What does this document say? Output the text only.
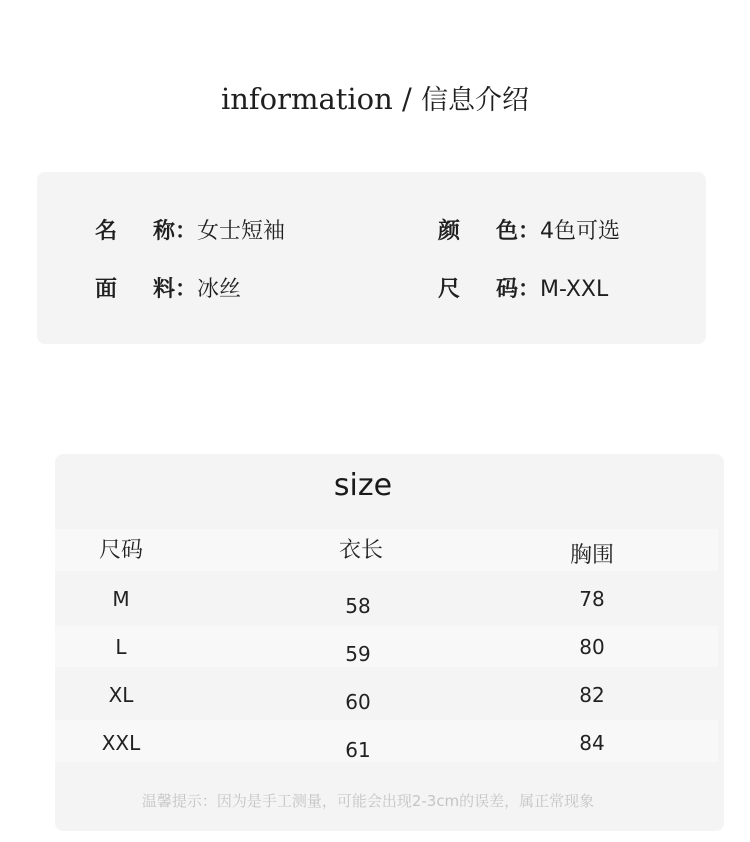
information / 信息介绍
名 称：女士短袖	颜 色：4色可选
面 料：冰丝	尺 码：M-XXL
size
尺码	衣长	胸围
M	58	78
L	59	80
XL	60	82
XXL	61	84
温馨提示：因为是手工测量，可能会出现2-3cm的误差，属正常现象
